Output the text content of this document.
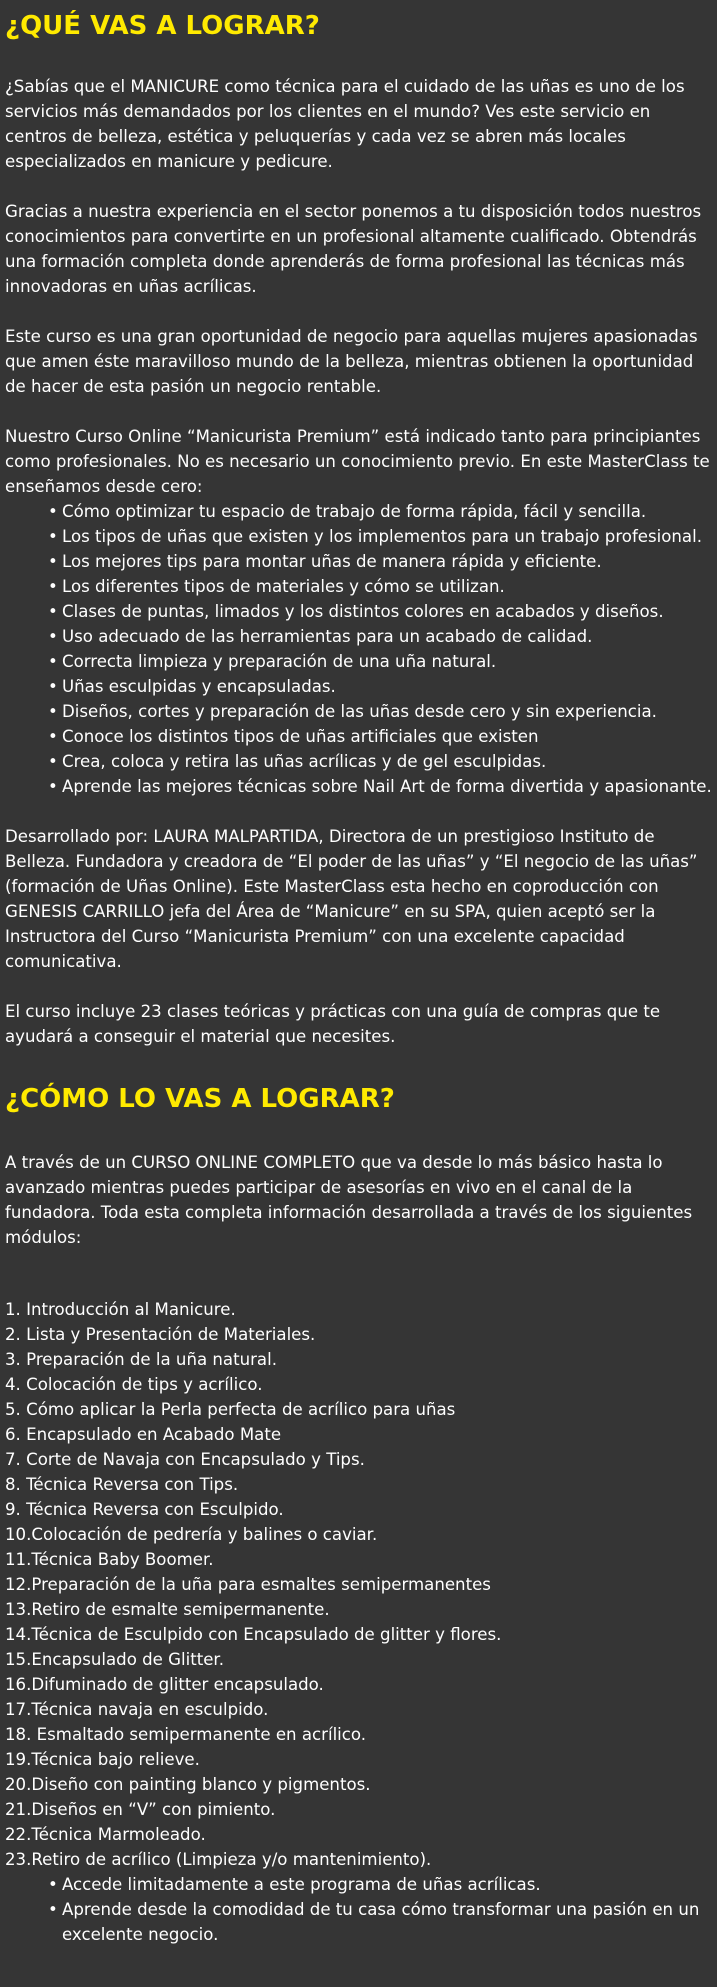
¿QUÉ VAS A LOGRAR?

¿Sabías que el MANICURE como técnica para el cuidado de las uñas es uno de los servicios más demandados por los clientes en el mundo? Ves este servicio en centros de belleza, estética y peluquerías y cada vez se abren más locales especializados en manicure y pedicure.

Gracias a nuestra experiencia en el sector ponemos a tu disposición todos nuestros conocimientos para convertirte en un profesional altamente cualificado. Obtendrás una formación completa donde aprenderás de forma profesional las técnicas más innovadoras en uñas acrílicas.

Este curso es una gran oportunidad de negocio para aquellas mujeres apasionadas que amen éste maravilloso mundo de la belleza, mientras obtienen la oportunidad de hacer de esta pasión un negocio rentable.

Nuestro Curso Online “Manicurista Premium” está indicado tanto para principiantes como profesionales. No es necesario un conocimiento previo. En este MasterClass te enseñamos desde cero:

• Cómo optimizar tu espacio de trabajo de forma rápida, fácil y sencilla.
• Los tipos de uñas que existen y los implementos para un trabajo profesional.
• Los mejores tips para montar uñas de manera rápida y eficiente.
• Los diferentes tipos de materiales y cómo se utilizan.
• Clases de puntas, limados y los distintos colores en acabados y diseños.
• Uso adecuado de las herramientas para un acabado de calidad.
• Correcta limpieza y preparación de una uña natural.
• Uñas esculpidas y encapsuladas.
• Diseños, cortes y preparación de las uñas desde cero y sin experiencia.
• Conoce los distintos tipos de uñas artificiales que existen
• Crea, coloca y retira las uñas acrílicas y de gel esculpidas.
• Aprende las mejores técnicas sobre Nail Art de forma divertida y apasionante.

Desarrollado por: LAURA MALPARTIDA, Directora de un prestigioso Instituto de Belleza. Fundadora y creadora de “El poder de las uñas” y “El negocio de las uñas” (formación de Uñas Online). Este MasterClass esta hecho en coproducción con GENESIS CARRILLO jefa del Área de “Manicure” en su SPA, quien aceptó ser la Instructora del Curso “Manicurista Premium” con una excelente capacidad comunicativa.

El curso incluye 23 clases teóricas y prácticas con una guía de compras que te ayudará a conseguir el material que necesites.

¿CÓMO LO VAS A LOGRAR?

A través de un CURSO ONLINE COMPLETO que va desde lo más básico hasta lo avanzado mientras puedes participar de asesorías en vivo en el canal de la fundadora. Toda esta completa información desarrollada a través de los siguientes módulos:

1. Introducción al Manicure.
2. Lista y Presentación de Materiales.
3. Preparación de la uña natural.
4. Colocación de tips y acrílico.
5. Cómo aplicar la Perla perfecta de acrílico para uñas
6. Encapsulado en Acabado Mate
7. Corte de Navaja con Encapsulado y Tips.
8. Técnica Reversa con Tips.
9. Técnica Reversa con Esculpido.
10.Colocación de pedrería y balines o caviar.
11.Técnica Baby Boomer.
12.Preparación de la uña para esmaltes semipermanentes
13.Retiro de esmalte semipermanente.
14.Técnica de Esculpido con Encapsulado de glitter y flores.
15.Encapsulado de Glitter.
16.Difuminado de glitter encapsulado.
17.Técnica navaja en esculpido.
18. Esmaltado semipermanente en acrílico.
19.Técnica bajo relieve.
20.Diseño con painting blanco y pigmentos.
21.Diseños en “V” con pimiento.
22.Técnica Marmoleado.
23.Retiro de acrílico (Limpieza y/o mantenimiento).
• Accede limitadamente a este programa de uñas acrílicas.
• Aprende desde la comodidad de tu casa cómo transformar una pasión en un excelente negocio.
